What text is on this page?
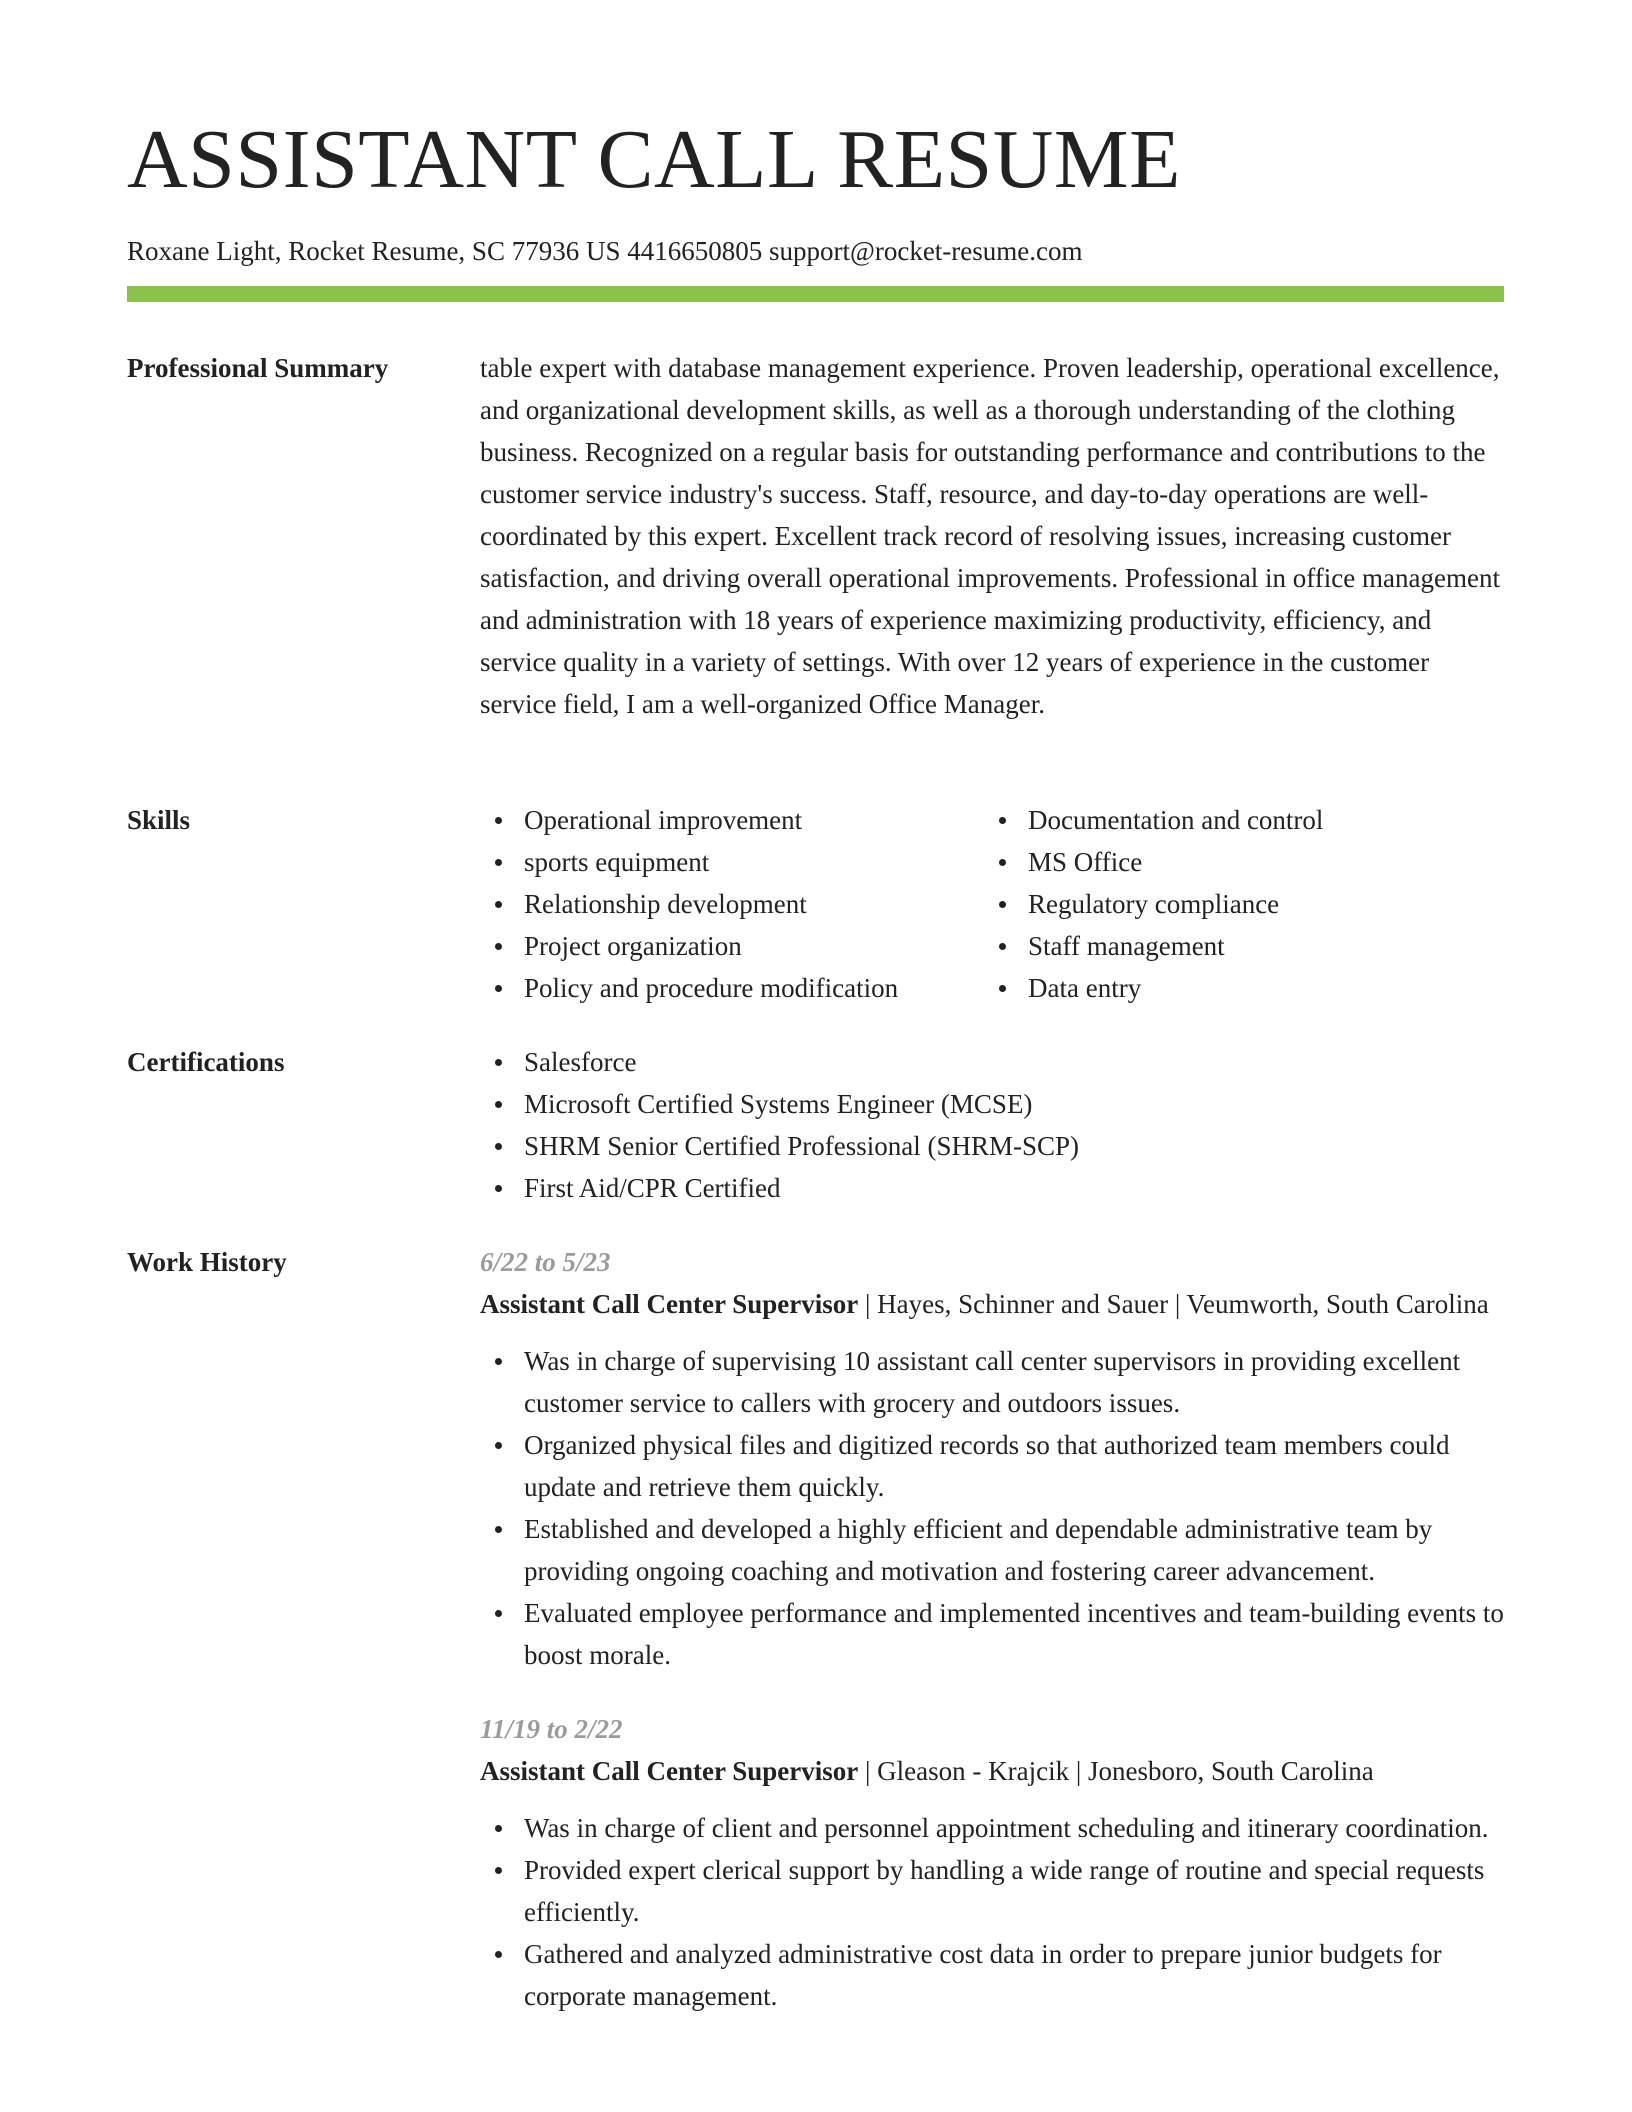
ASSISTANT CALL RESUME
Roxane Light, Rocket Resume, SC 77936 US 4416650805 support@rocket-resume.com
Professional Summary	table expert with database management experience. Proven leadership, operational excellence, and organizational development skills, as well as a thorough understanding of the clothing business. Recognized on a regular basis for outstanding performance and contributions to the customer service industry's success. Staff, resource, and day-to-day operations are well-coordinated by this expert. Excellent track record of resolving issues, increasing customer satisfaction, and driving overall operational improvements. Professional in office management and administration with 18 years of experience maximizing productivity, efficiency, and service quality in a variety of settings. With over 12 years of experience in the customer service field, I am a well-organized Office Manager.

Skills	Operational improvement
sports equipment
Relationship development
Project organization
Policy and procedure modification
Documentation and control
MS Office
Regulatory compliance
Staff management
Data entry
Certifications	Salesforce
Microsoft Certified Systems Engineer (MCSE)
SHRM Senior Certified Professional (SHRM-SCP)
First Aid/CPR Certified
Work History	6/22 to 5/23
Assistant Call Center Supervisor | Hayes, Schinner and Sauer | Veumworth, South Carolina
Was in charge of supervising 10 assistant call center supervisors in providing excellent customer service to callers with grocery and outdoors issues.
Organized physical files and digitized records so that authorized team members could update and retrieve them quickly.
Established and developed a highly efficient and dependable administrative team by providing ongoing coaching and motivation and fostering career advancement.
Evaluated employee performance and implemented incentives and team-building events to boost morale.
11/19 to 2/22
Assistant Call Center Supervisor | Gleason - Krajcik | Jonesboro, South Carolina
Was in charge of client and personnel appointment scheduling and itinerary coordination.
Provided expert clerical support by handling a wide range of routine and special requests efficiently.
Gathered and analyzed administrative cost data in order to prepare junior budgets for corporate management.
